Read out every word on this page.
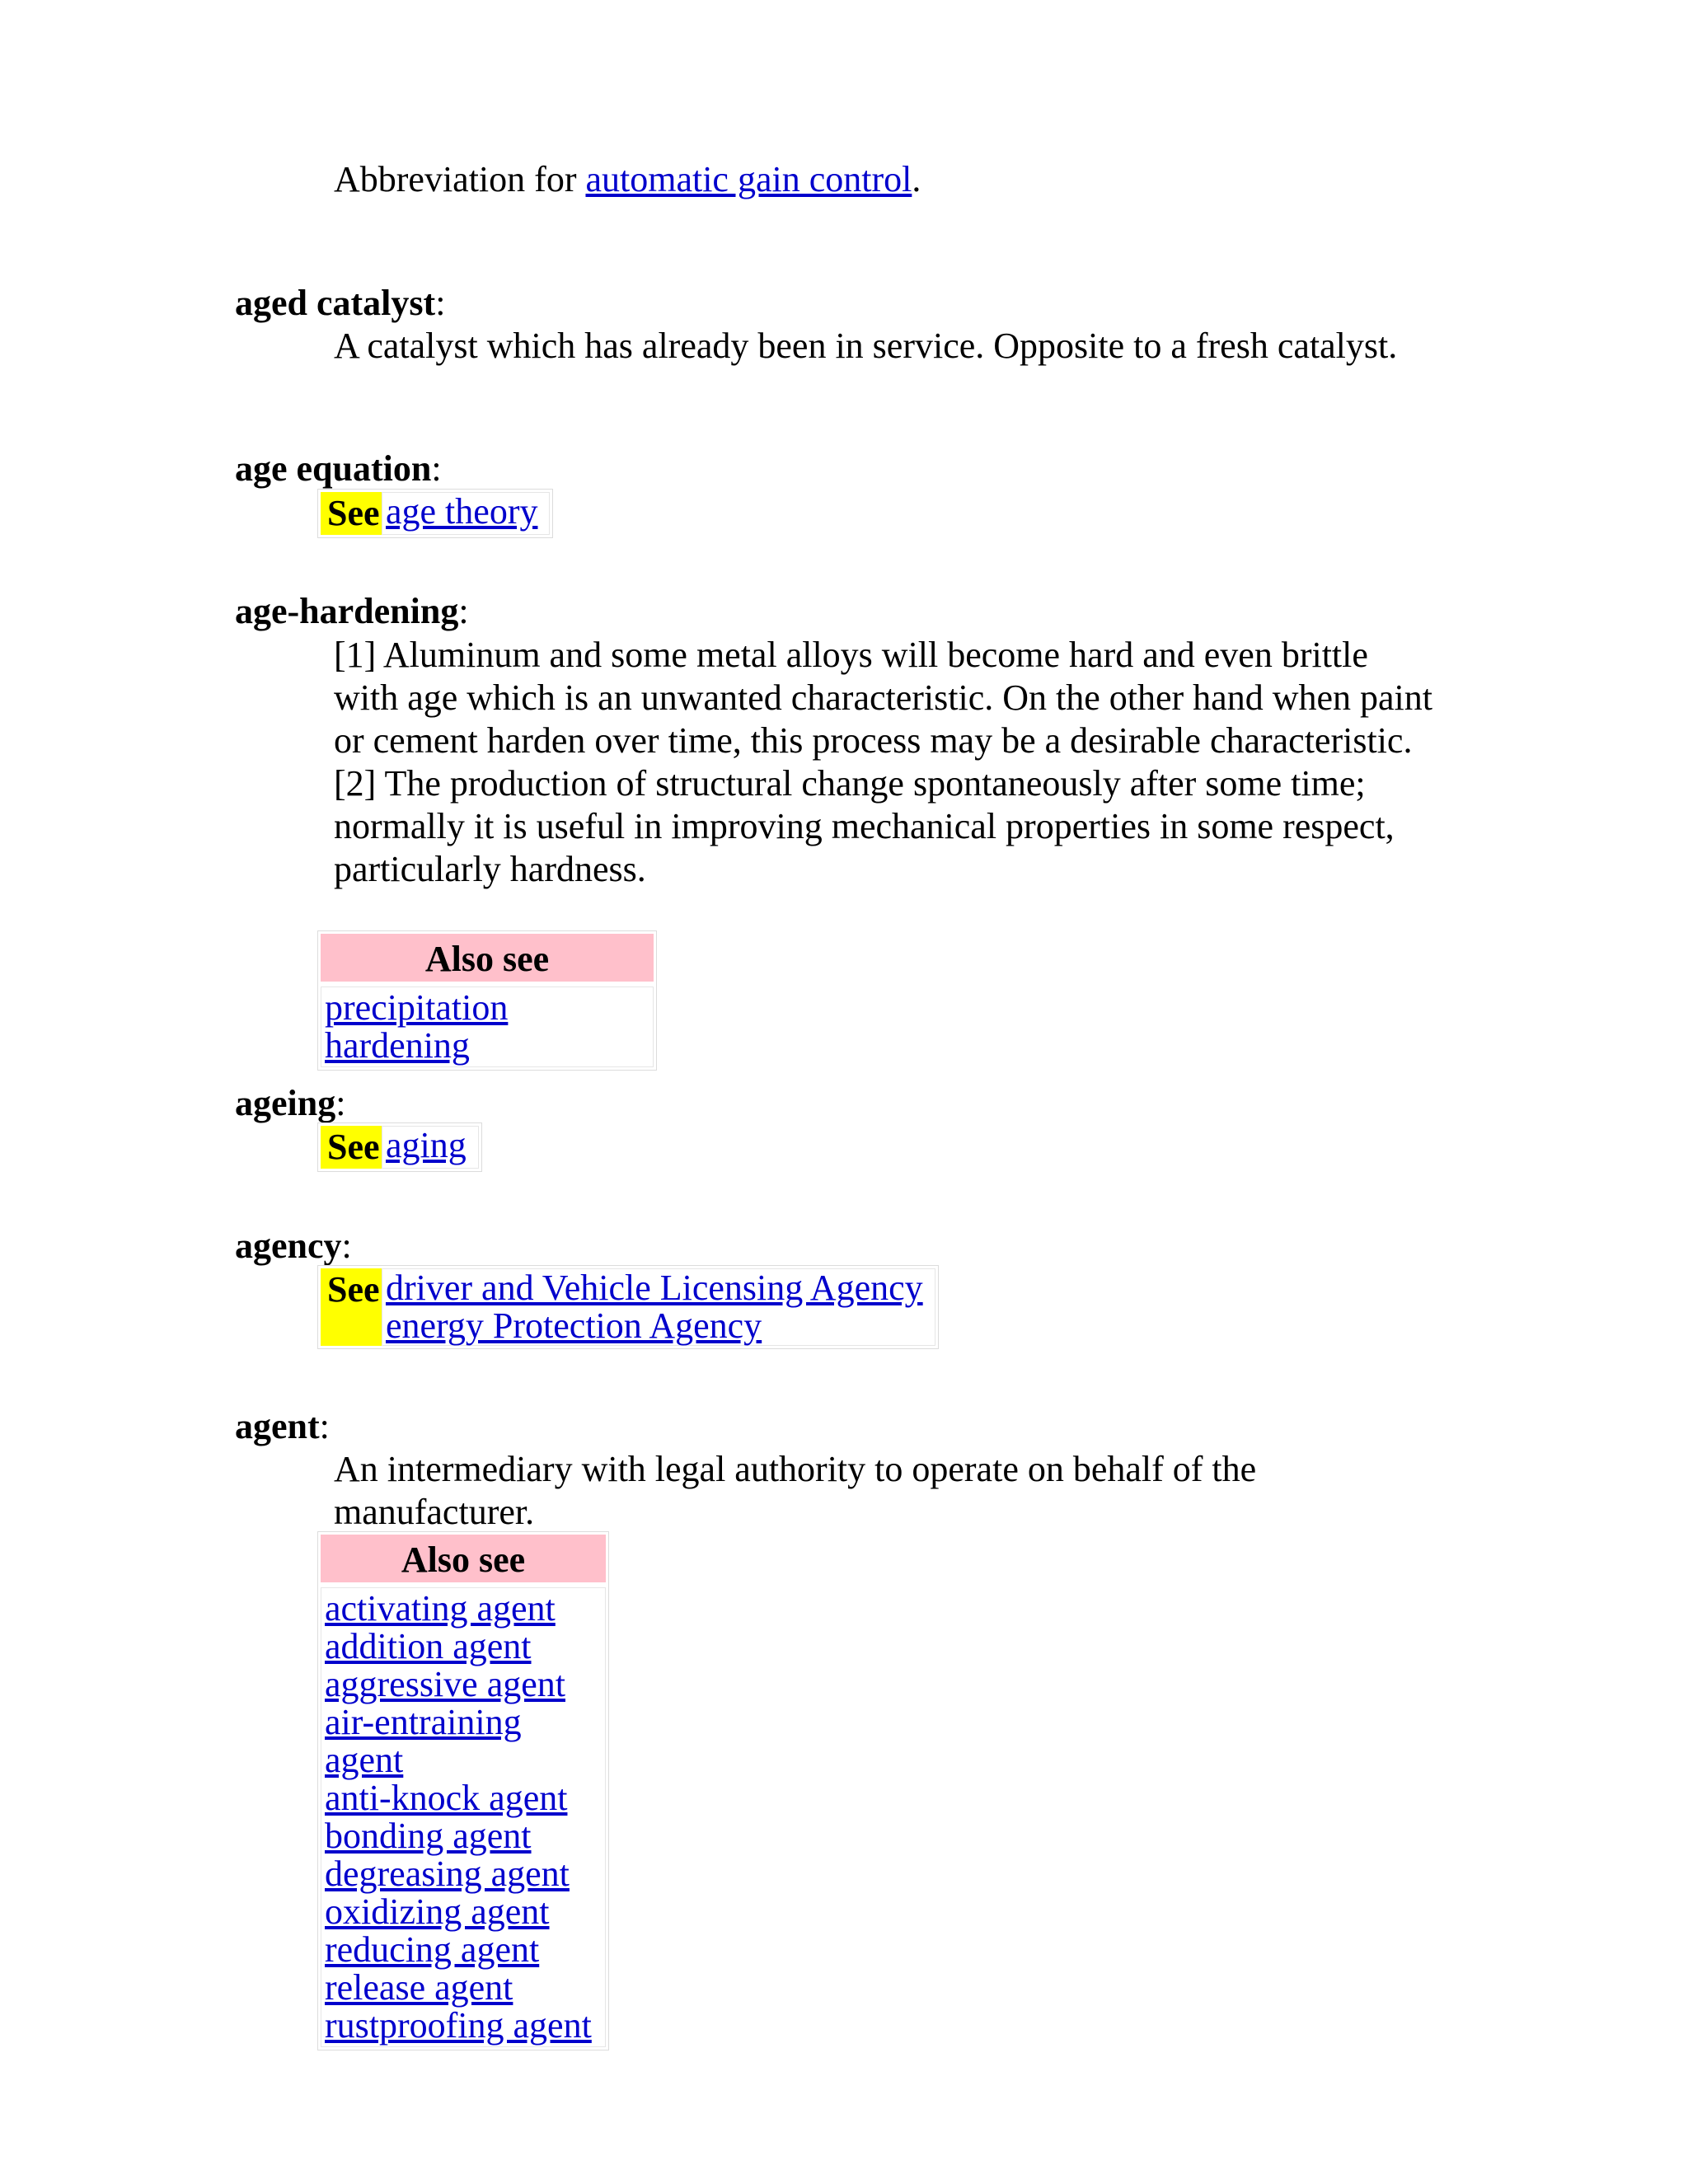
Abbreviation for automatic gain control.
aged catalyst:
A catalyst which has already been in service. Opposite to a fresh catalyst.
age equation:
See age theory
age-hardening:
[1] Aluminum and some metal alloys will become hard and even brittle with age which is an unwanted characteristic. On the other hand when paint or cement harden over time, this process may be a desirable characteristic.
[2] The production of structural change spontaneously after some time; normally it is useful in improving mechanical properties in some respect, particularly hardness.
Also see
precipitation hardening
ageing:
See aging
agency:
See driver and Vehicle Licensing Agency
energy Protection Agency
agent:
An intermediary with legal authority to operate on behalf of the manufacturer.
Also see
activating agent
addition agent
aggressive agent
air-entraining agent
anti-knock agent
bonding agent
degreasing agent
oxidizing agent
reducing agent
release agent
rustproofing agent
